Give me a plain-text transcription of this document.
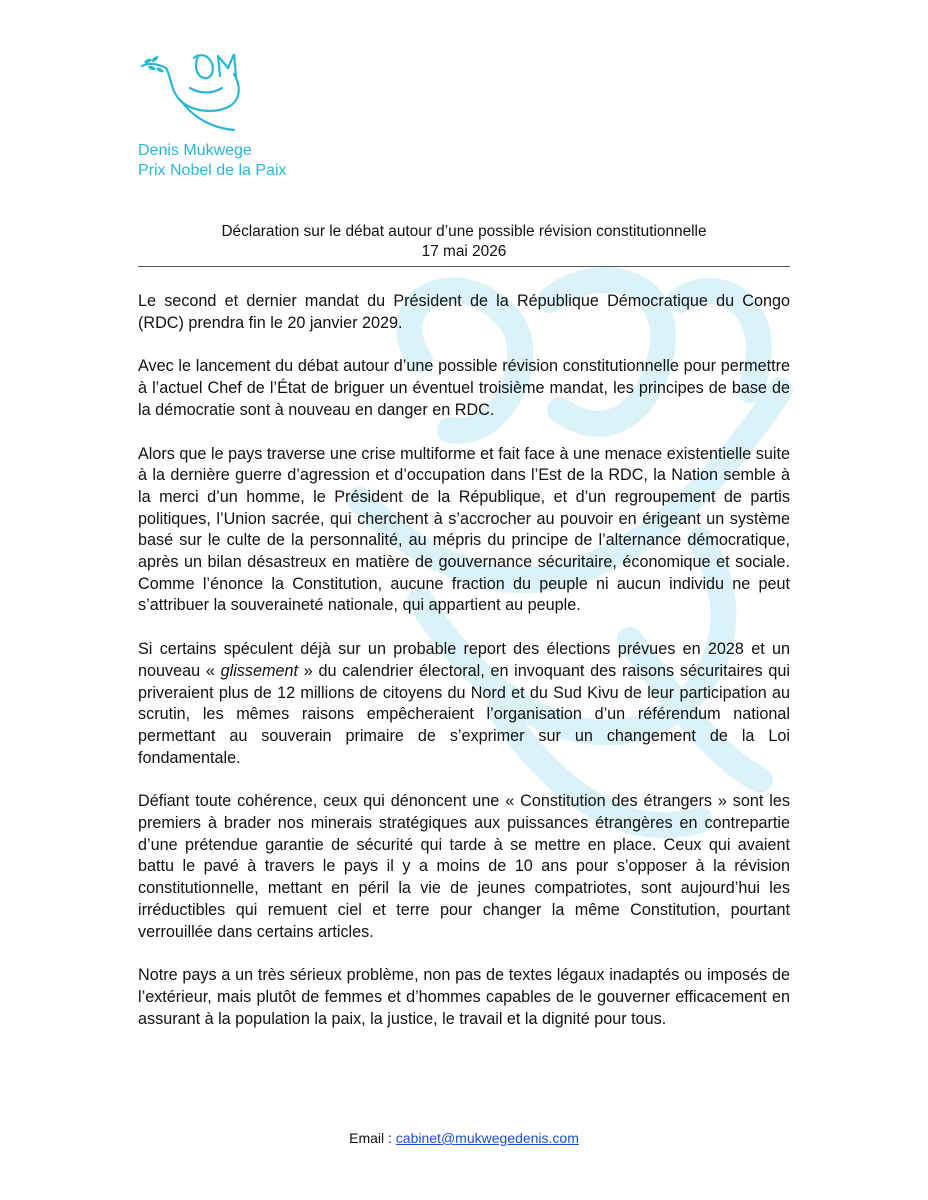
Denis Mukwege
Prix Nobel de la Paix
Déclaration sur le débat autour d’une possible révision constitutionnelle
17 mai 2026

Le second et dernier mandat du Président de la République Démocratique du Congo (RDC) prendra fin le 20 janvier 2029.

Avec le lancement du débat autour d’une possible révision constitutionnelle pour permettre à l’actuel Chef de l’État de briguer un éventuel troisième mandat, les principes de base de la démocratie sont à nouveau en danger en RDC.

Alors que le pays traverse une crise multiforme et fait face à une menace existentielle suite à la dernière guerre d’agression et d’occupation dans l’Est de la RDC, la Nation semble à la merci d’un homme, le Président de la République, et d’un regroupement de partis politiques, l’Union sacrée, qui cherchent à s’accrocher au pouvoir en érigeant un système basé sur le culte de la personnalité, au mépris du principe de l’alternance démocratique, après un bilan désastreux en matière de gouvernance sécuritaire, économique et sociale. Comme l’énonce la Constitution, aucune fraction du peuple ni aucun individu ne peut s’attribuer la souveraineté nationale, qui appartient au peuple.

Si certains spéculent déjà sur un probable report des élections prévues en 2028 et un nouveau « glissement » du calendrier électoral, en invoquant des raisons sécuritaires qui priveraient plus de 12 millions de citoyens du Nord et du Sud Kivu de leur participation au scrutin, les mêmes raisons empêcheraient l’organisation d’un référendum national permettant au souverain primaire de s’exprimer sur un changement de la Loi fondamentale.

Défiant toute cohérence, ceux qui dénoncent une « Constitution des étrangers » sont les premiers à brader nos minerais stratégiques aux puissances étrangères en contrepartie d’une prétendue garantie de sécurité qui tarde à se mettre en place. Ceux qui avaient battu le pavé à travers le pays il y a moins de 10 ans pour s’opposer à la révision constitutionnelle, mettant en péril la vie de jeunes compatriotes, sont aujourd’hui les irréductibles qui remuent ciel et terre pour changer la même Constitution, pourtant verrouillée dans certains articles.

Notre pays a un très sérieux problème, non pas de textes légaux inadaptés ou imposés de l’extérieur, mais plutôt de femmes et d’hommes capables de le gouverner efficacement en assurant à la population la paix, la justice, le travail et la dignité pour tous.

Email : cabinet@mukwegedenis.com
